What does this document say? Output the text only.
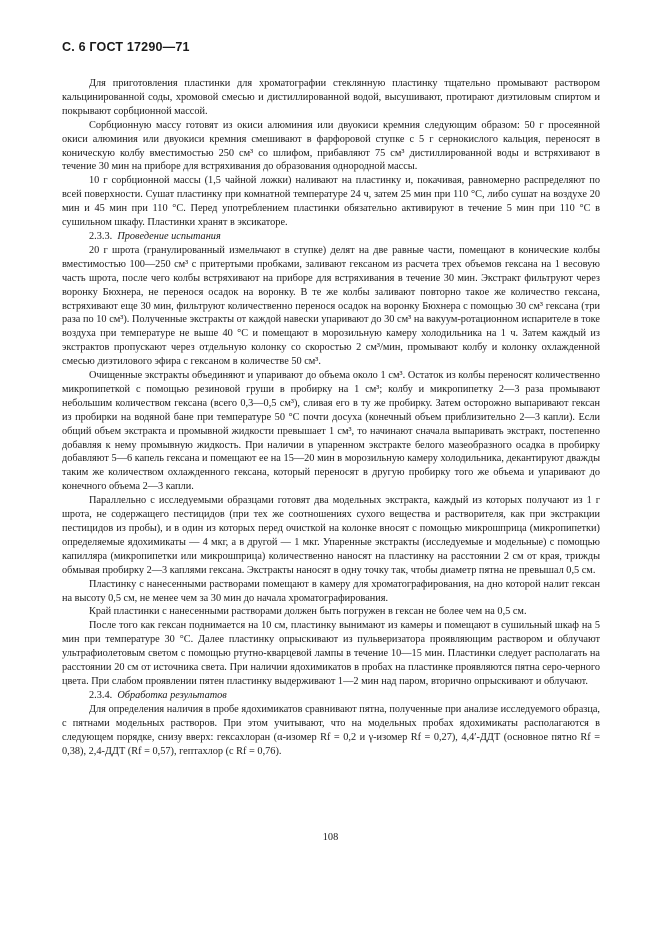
С. 6 ГОСТ 17290—71

Для приготовления пластинки для хроматографии стеклянную пластинку тщательно промывают раствором кальцинированной соды, хромовой смесью и дистиллированной водой, высушивают, протирают диэтиловым спиртом и покрывают сорбционной массой.

Сорбционную массу готовят из окиси алюминия или двуокиси кремния следующим образом: 50 г просеянной окиси алюминия или двуокиси кремния смешивают в фарфоровой ступке с 5 г сернокислого кальция, переносят в коническую колбу вместимостью 250 см³ со шлифом, прибавляют 75 см³ дистиллированной воды и встряхивают в течение 30 мин на приборе для встряхивания до образования однородной массы.

10 г сорбционной массы (1,5 чайной ложки) наливают на пластинку и, покачивая, равномерно распределяют по всей поверхности. Сушат пластинку при комнатной температуре 24 ч, затем 25 мин при 110 °С, либо сушат на воздухе 20 мин и 45 мин при 110 °С. Перед употреблением пластинки обязательно активируют в течение 5 мин при 110 °С в сушильном шкафу. Пластинки хранят в эксикаторе.

2.3.3. Проведение испытания

20 г шрота (гранулированный измельчают в ступке) делят на две равные части, помещают в конические колбы вместимостью 100—250 см³ с притертыми пробками, заливают гексаном из расчета трех объемов гексана на 1 весовую часть шрота, после чего колбы встряхивают на приборе для встряхивания в течение 30 мин. Экстракт фильтруют через воронку Бюхнера, не перенося осадок на воронку. В те же колбы заливают повторно такое же количество гексана, встряхивают еще 30 мин, фильтруют количественно перенося осадок на воронку Бюхнера с помощью 30 см³ гексана (три раза по 10 см³). Полученные экстракты от каждой навески упаривают до 30 см³ на вакуум-ротационном испарителе в токе воздуха при температуре не выше 40 °С и помещают в морозильную камеру холодильника на 1 ч. Затем каждый из экстрактов пропускают через отдельную колонку со скоростью 2 см³/мин, промывают колбу и колонку охлажденной смесью диэтилового эфира с гексаном в количестве 50 см³.

Очищенные экстракты объединяют и упаривают до объема около 1 см³. Остаток из колбы переносят количественно микропипеткой с помощью резиновой груши в пробирку на 1 см³; колбу и микропипетку 2—3 раза промывают небольшим количеством гексана (всего 0,3—0,5 см³), сливая его в ту же пробирку. Затем осторожно выпаривают гексан из пробирки на водяной бане при температуре 50 °С почти досуха (конечный объем приблизительно 2—3 капли). Если общий объем экстракта и промывной жидкости превышает 1 см³, то начинают сначала выпаривать экстракт, постепенно добавляя к нему промывную жидкость. При наличии в упаренном экстракте белого мазеобразного осадка в пробирку добавляют 5—6 капель гексана и помещают ее на 15—20 мин в морозильную камеру холодильника, декантируют дважды таким же количеством охлажденного гексана, который переносят в другую пробирку того же объема и упаривают до конечного объема 2—3 капли.

Параллельно с исследуемыми образцами готовят два модельных экстракта, каждый из которых получают из 1 г шрота, не содержащего пестицидов (при тех же соотношениях сухого вещества и растворителя, как при экстракции пестицидов из пробы), и в один из которых перед очисткой на колонке вносят с помощью микрошприца (микропипетки) определяемые ядохимикаты — 4 мкг, а в другой — 1 мкг. Упаренные экстракты (исследуемые и модельные) с помощью капилляра (микропипетки или микрошприца) количественно наносят на пластинку на расстоянии 2 см от края, трижды обмывая пробирку 2—3 каплями гексана. Экстракты наносят в одну точку так, чтобы диаметр пятна не превышал 0,5 см.

Пластинку с нанесенными растворами помещают в камеру для хроматографирования, на дно которой налит гексан на высоту 0,5 см, не менее чем за 30 мин до начала хроматографирования.

Край пластинки с нанесенными растворами должен быть погружен в гексан не более чем на 0,5 см.

После того как гексан поднимается на 10 см, пластинку вынимают из камеры и помещают в сушильный шкаф на 5 мин при температуре 30 °С. Далее пластинку опрыскивают из пульверизатора проявляющим раствором и облучают ультрафиолетовым светом с помощью ртутно-кварцевой лампы в течение 10—15 мин. Пластинки следует располагать на расстоянии 20 см от источника света. При наличии ядохимикатов в пробах на пластинке проявляются пятна серо-черного цвета. При слабом проявлении пятен пластинку выдерживают 1—2 мин над паром, вторично опрыскивают и облучают.

2.3.4. Обработка результатов

Для определения наличия в пробе ядохимикатов сравнивают пятна, полученные при анализе исследуемого образца, с пятнами модельных растворов. При этом учитывают, что на модельных пробах ядохимикаты располагаются в следующем порядке, снизу вверх: гексахлоран (α-изомер Rf = 0,2 и γ-изомер Rf = 0,27), 4,4′-ДДТ (основное пятно Rf = 0,38), 2,4-ДДТ (Rf = 0,57), гептахлор (с Rf = 0,76).

108
